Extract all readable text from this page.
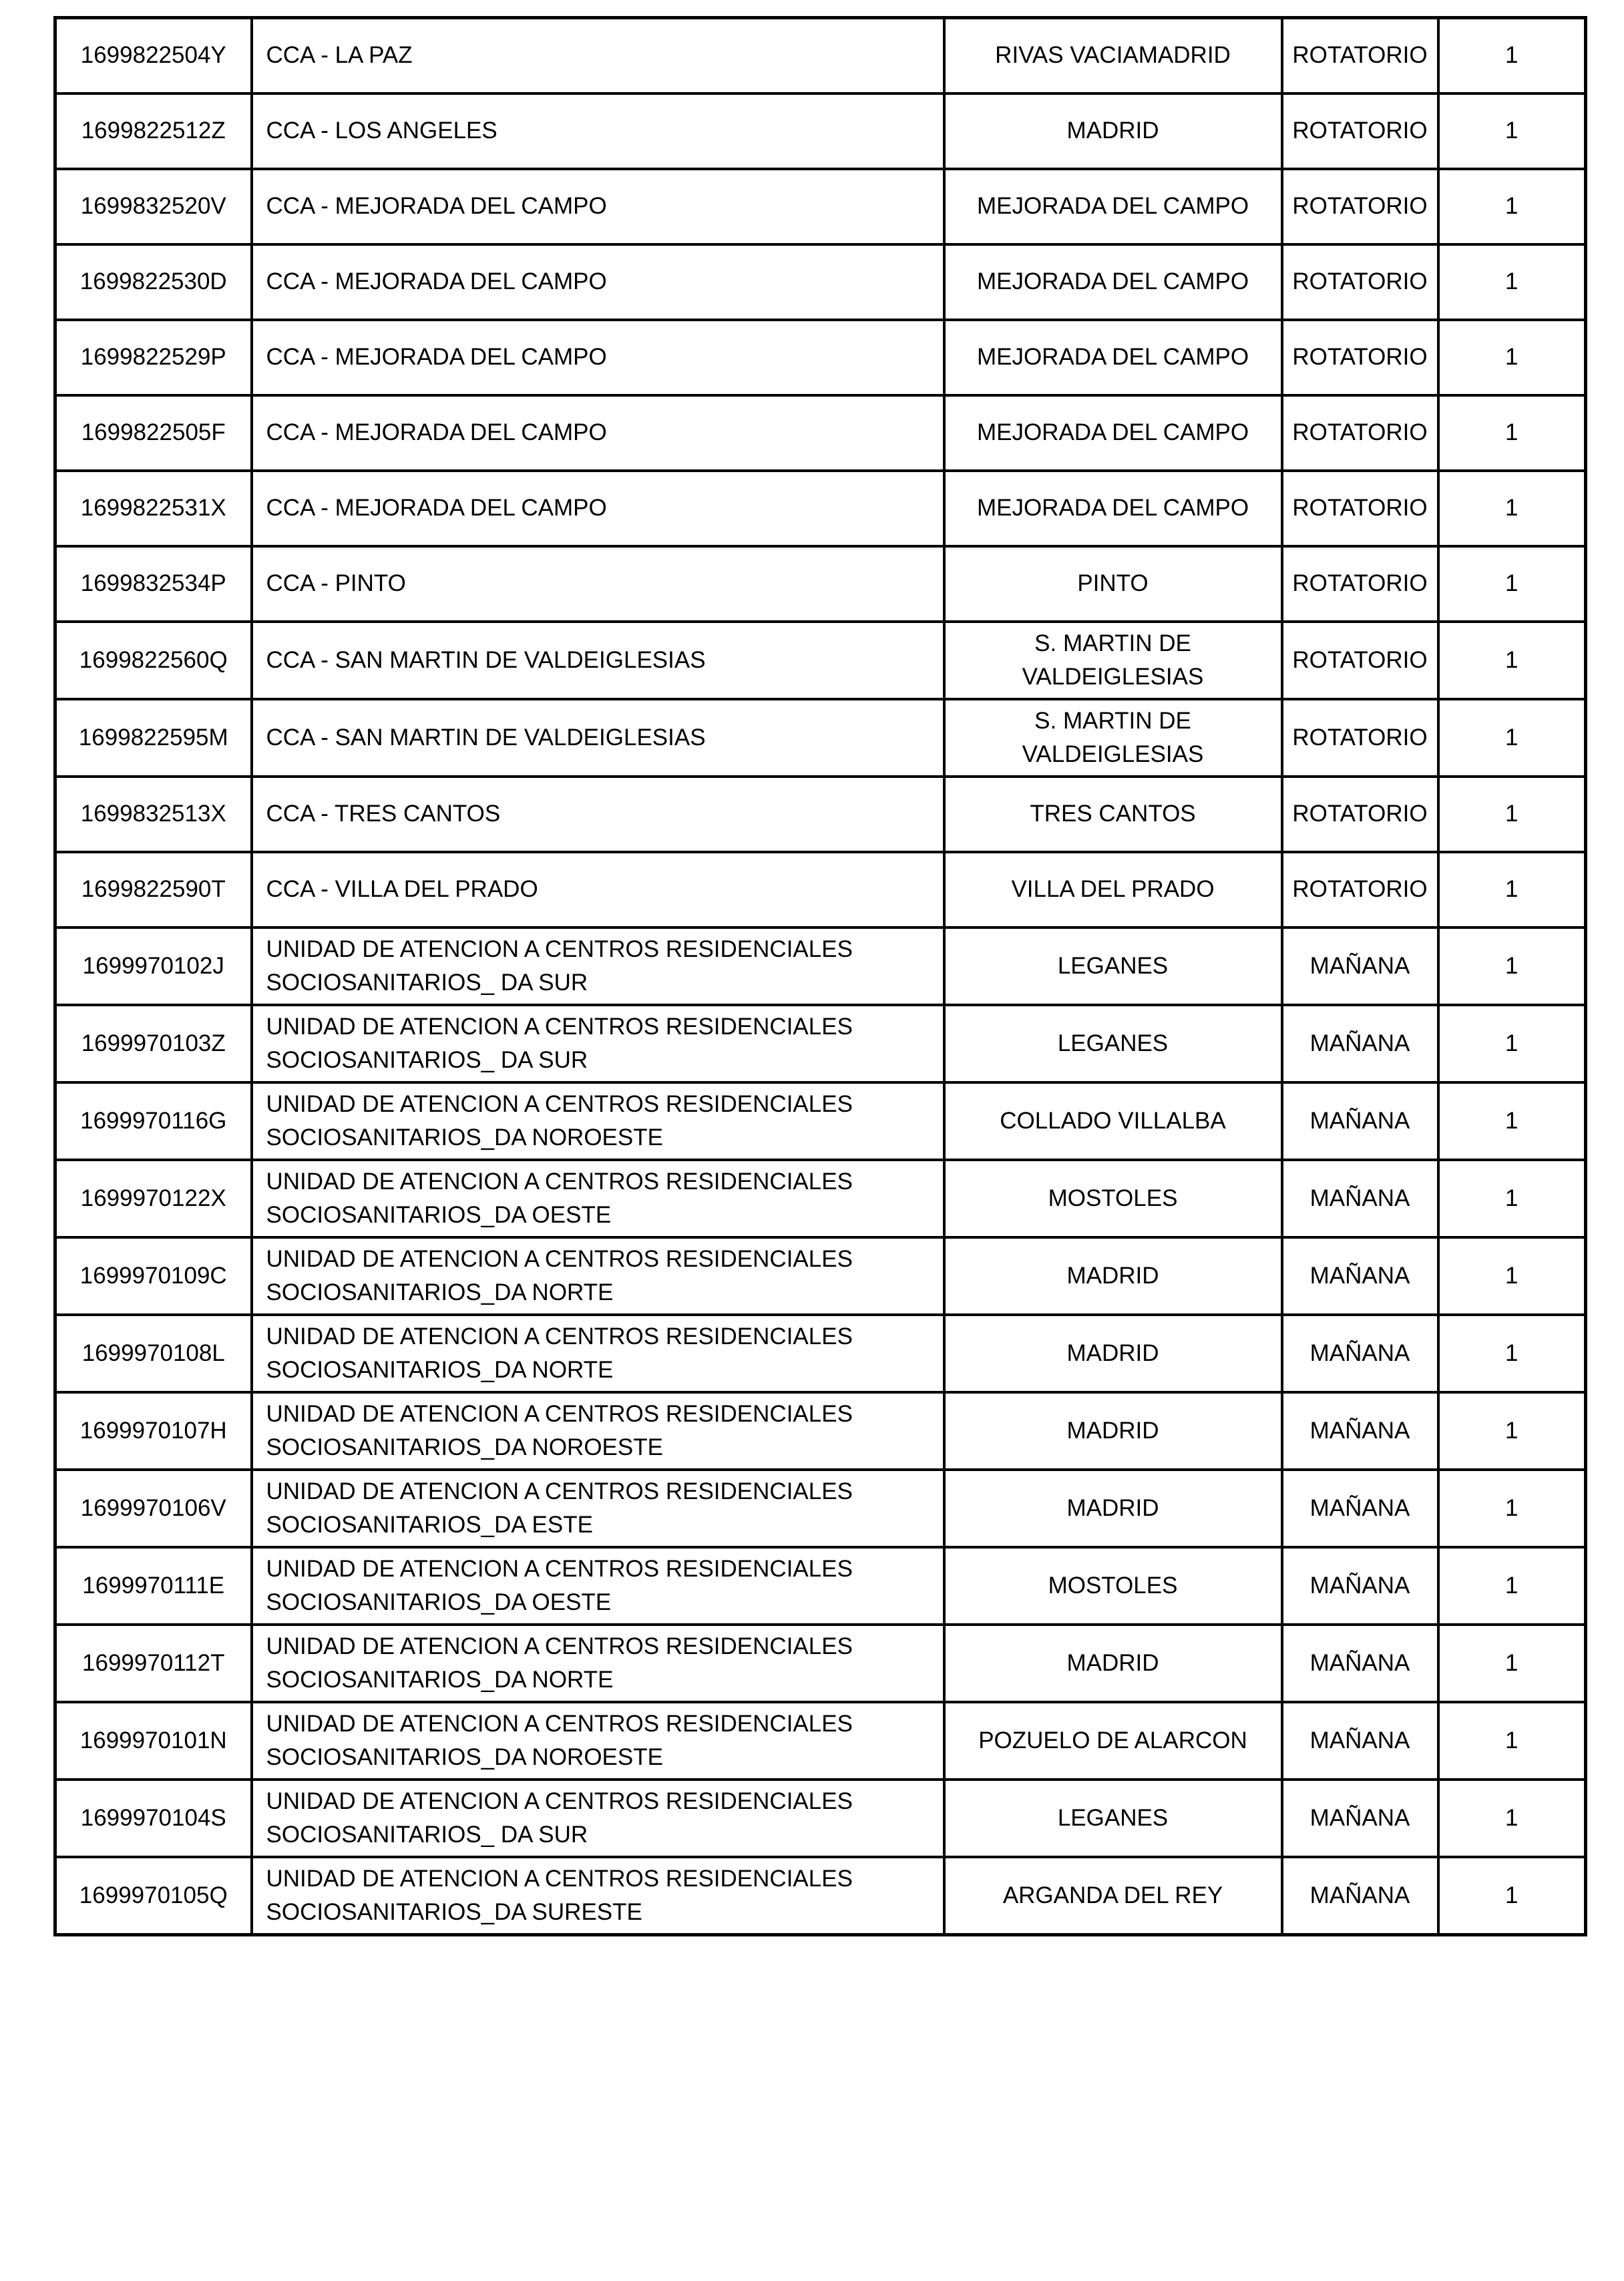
1699822504Y	CCA - LA PAZ	RIVAS VACIAMADRID	ROTATORIO	1
1699822512Z	CCA - LOS ANGELES	MADRID	ROTATORIO	1
1699832520V	CCA - MEJORADA DEL CAMPO	MEJORADA DEL CAMPO	ROTATORIO	1
1699822530D	CCA - MEJORADA DEL CAMPO	MEJORADA DEL CAMPO	ROTATORIO	1
1699822529P	CCA - MEJORADA DEL CAMPO	MEJORADA DEL CAMPO	ROTATORIO	1
1699822505F	CCA - MEJORADA DEL CAMPO	MEJORADA DEL CAMPO	ROTATORIO	1
1699822531X	CCA - MEJORADA DEL CAMPO	MEJORADA DEL CAMPO	ROTATORIO	1
1699832534P	CCA - PINTO	PINTO	ROTATORIO	1
1699822560Q	CCA - SAN MARTIN DE VALDEIGLESIAS	S. MARTIN DE VALDEIGLESIAS	ROTATORIO	1
1699822595M	CCA - SAN MARTIN DE VALDEIGLESIAS	S. MARTIN DE VALDEIGLESIAS	ROTATORIO	1
1699832513X	CCA - TRES CANTOS	TRES CANTOS	ROTATORIO	1
1699822590T	CCA - VILLA DEL PRADO	VILLA DEL PRADO	ROTATORIO	1
1699970102J	UNIDAD DE ATENCION A CENTROS RESIDENCIALES SOCIOSANITARIOS_ DA SUR	LEGANES	MAÑANA	1
1699970103Z	UNIDAD DE ATENCION A CENTROS RESIDENCIALES SOCIOSANITARIOS_ DA SUR	LEGANES	MAÑANA	1
1699970116G	UNIDAD DE ATENCION A CENTROS RESIDENCIALES SOCIOSANITARIOS_DA NOROESTE	COLLADO VILLALBA	MAÑANA	1
1699970122X	UNIDAD DE ATENCION A CENTROS RESIDENCIALES SOCIOSANITARIOS_DA OESTE	MOSTOLES	MAÑANA	1
1699970109C	UNIDAD DE ATENCION A CENTROS RESIDENCIALES SOCIOSANITARIOS_DA NORTE	MADRID	MAÑANA	1
1699970108L	UNIDAD DE ATENCION A CENTROS RESIDENCIALES SOCIOSANITARIOS_DA NORTE	MADRID	MAÑANA	1
1699970107H	UNIDAD DE ATENCION A CENTROS RESIDENCIALES SOCIOSANITARIOS_DA NOROESTE	MADRID	MAÑANA	1
1699970106V	UNIDAD DE ATENCION A CENTROS RESIDENCIALES SOCIOSANITARIOS_DA ESTE	MADRID	MAÑANA	1
1699970111E	UNIDAD DE ATENCION A CENTROS RESIDENCIALES SOCIOSANITARIOS_DA OESTE	MOSTOLES	MAÑANA	1
1699970112T	UNIDAD DE ATENCION A CENTROS RESIDENCIALES SOCIOSANITARIOS_DA NORTE	MADRID	MAÑANA	1
1699970101N	UNIDAD DE ATENCION A CENTROS RESIDENCIALES SOCIOSANITARIOS_DA NOROESTE	POZUELO DE ALARCON	MAÑANA	1
1699970104S	UNIDAD DE ATENCION A CENTROS RESIDENCIALES SOCIOSANITARIOS_ DA SUR	LEGANES	MAÑANA	1
1699970105Q	UNIDAD DE ATENCION A CENTROS RESIDENCIALES SOCIOSANITARIOS_DA SURESTE	ARGANDA DEL REY	MAÑANA	1
